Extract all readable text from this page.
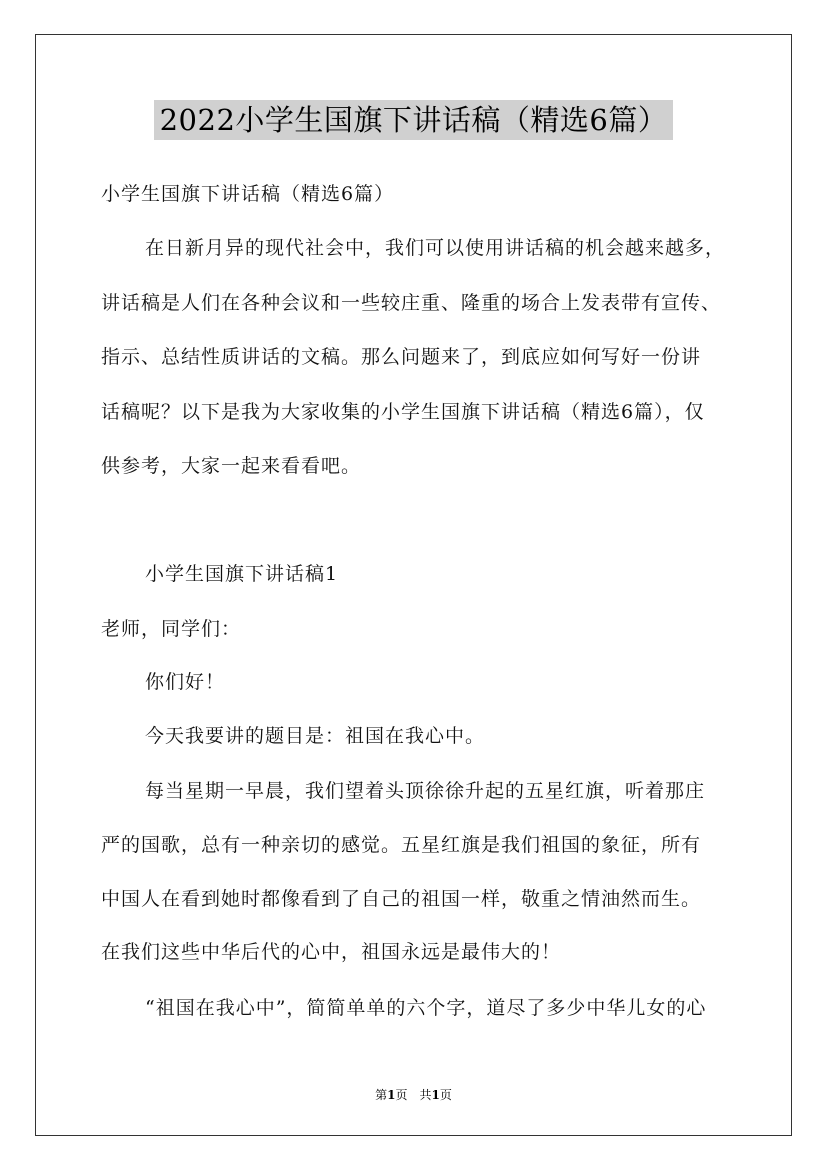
2022小学生国旗下讲话稿（精选6篇）
小学生国旗下讲话稿（精选6篇）
在日新月异的现代社会中，我们可以使用讲话稿的机会越来越多，
讲话稿是人们在各种会议和一些较庄重、隆重的场合上发表带有宣传、
指示、总结性质讲话的文稿。那么问题来了，到底应如何写好一份讲
话稿呢？以下是我为大家收集的小学生国旗下讲话稿（精选6篇），仅
供参考，大家一起来看看吧。
小学生国旗下讲话稿1
老师，同学们：
你们好！
今天我要讲的题目是：祖国在我心中。
每当星期一早晨，我们望着头顶徐徐升起的五星红旗，听着那庄
严的国歌，总有一种亲切的感觉。五星红旗是我们祖国的象征，所有
中国人在看到她时都像看到了自己的祖国一样，敬重之情油然而生。
在我们这些中华后代的心中，祖国永远是最伟大的！
“祖国在我心中”，简简单单的六个字，道尽了多少中华儿女的心
第1页　共1页
